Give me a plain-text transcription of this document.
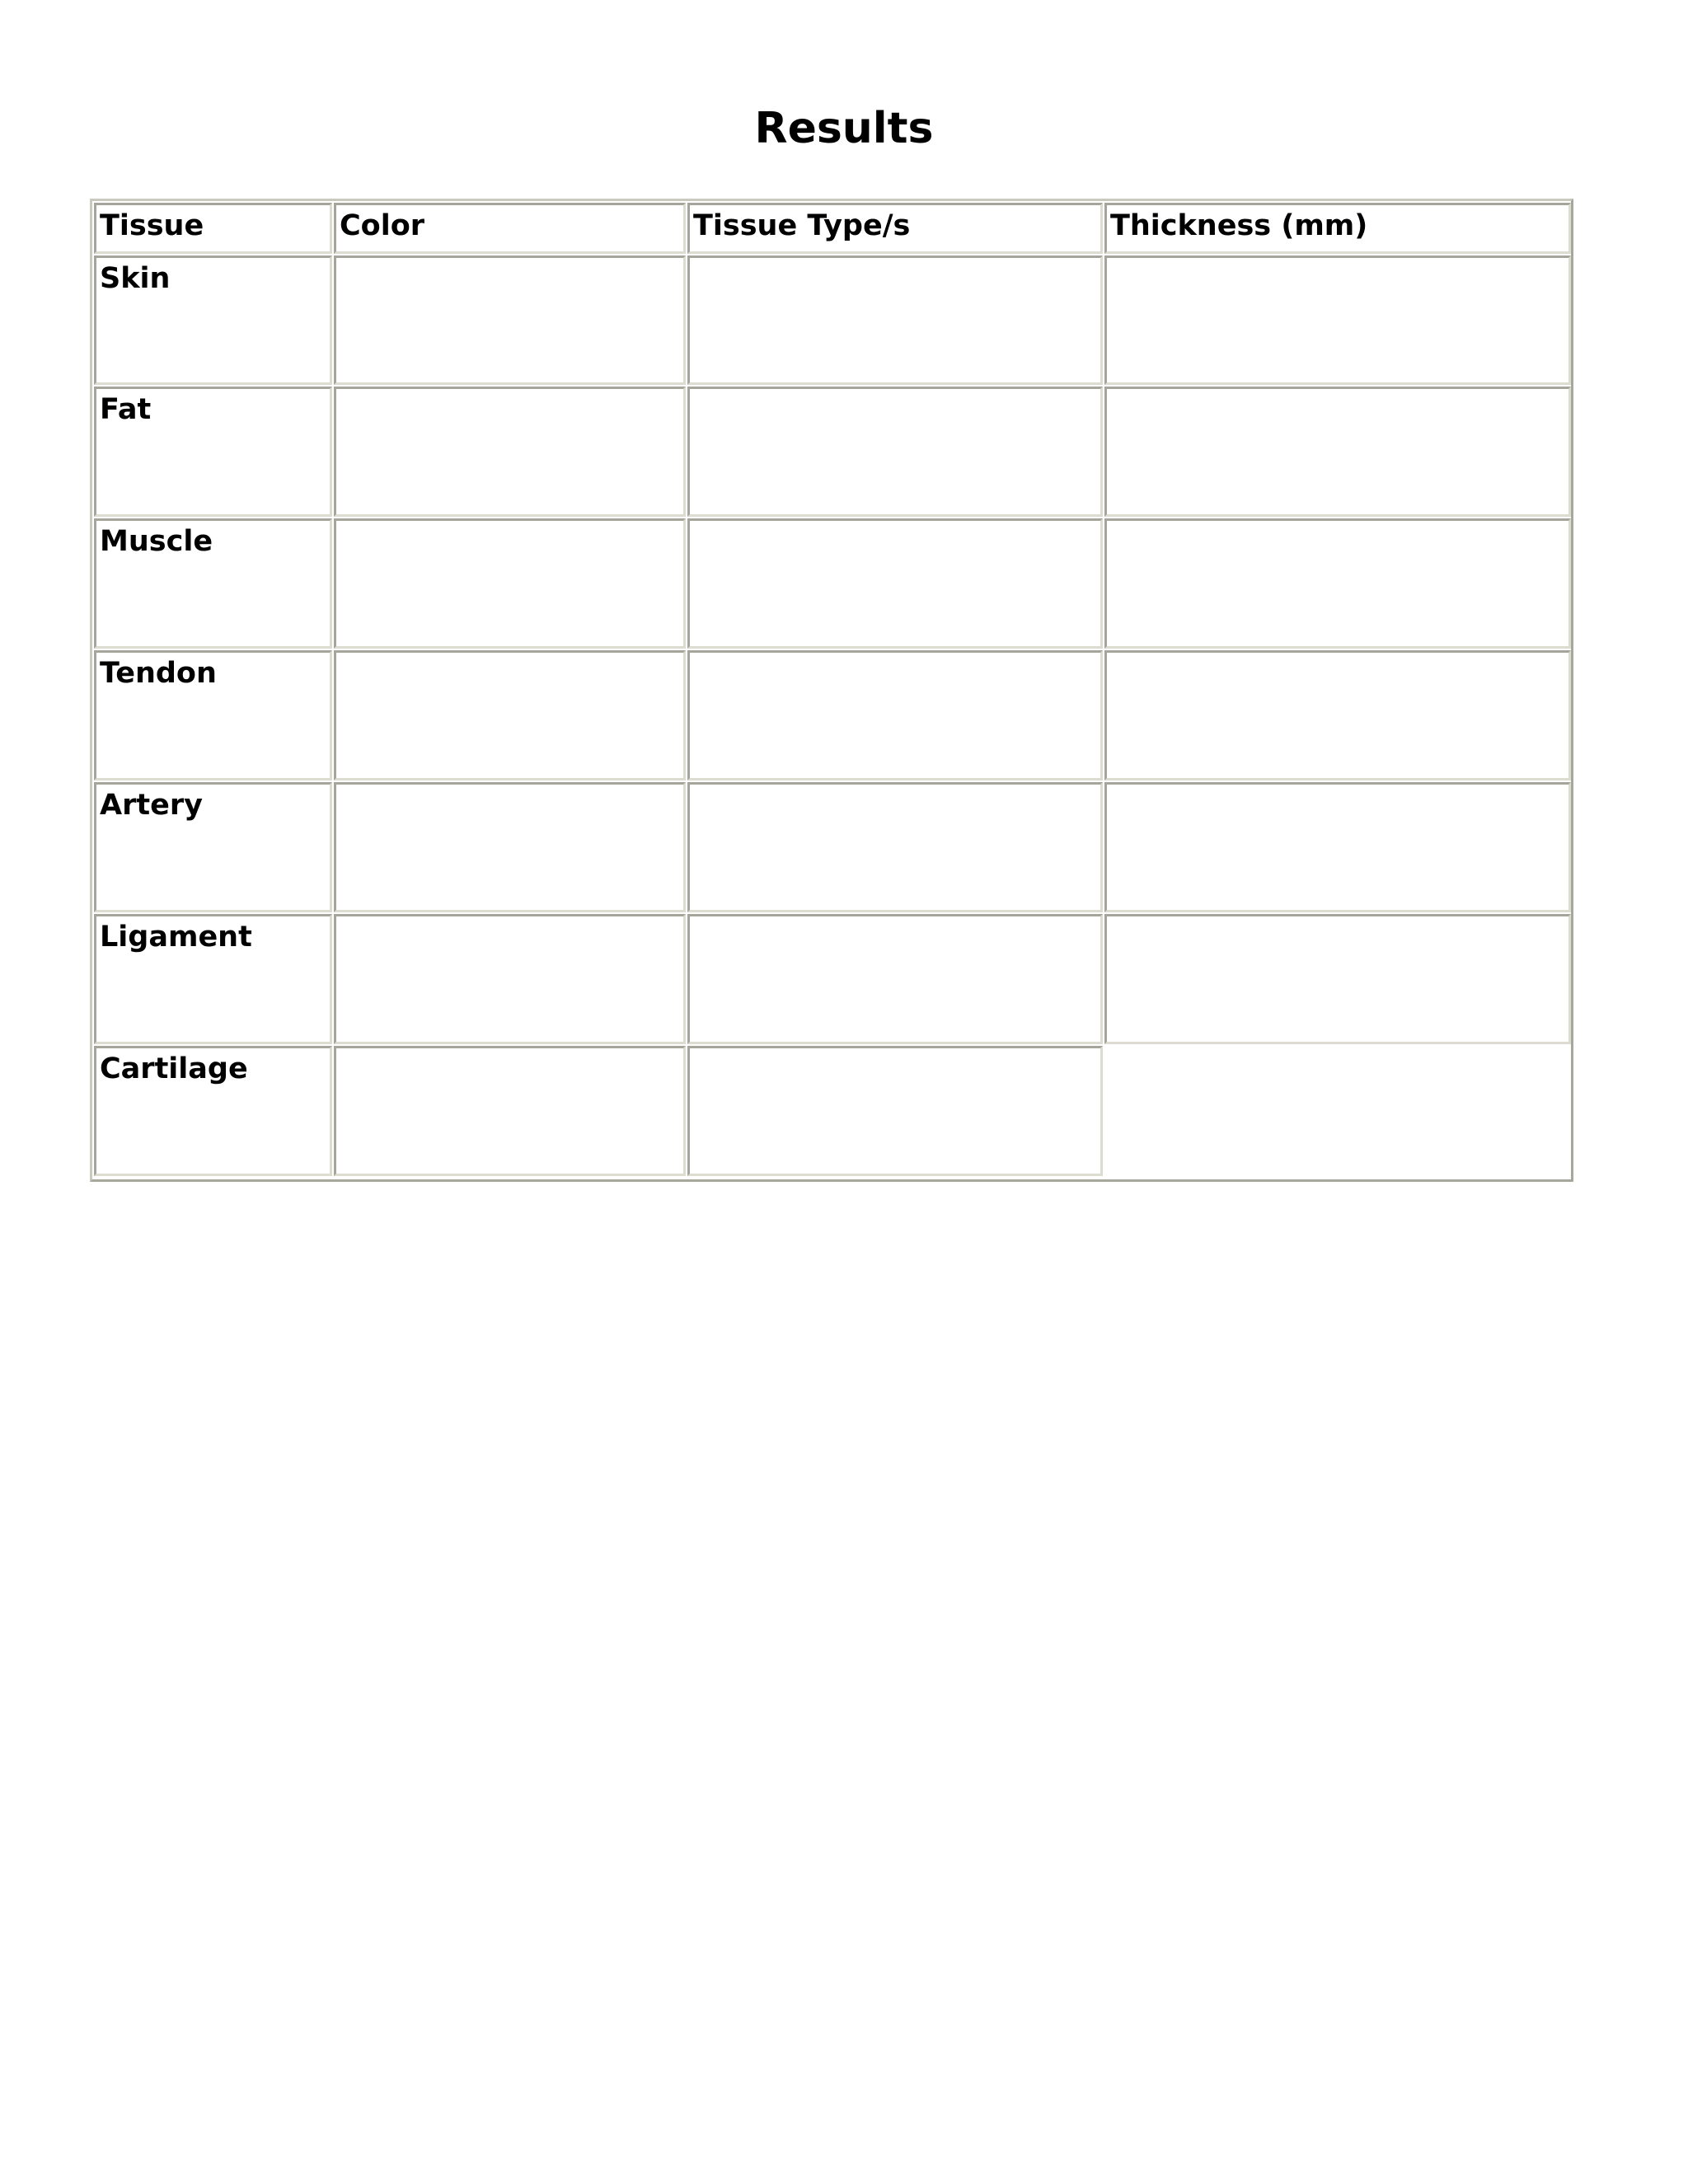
Results
Tissue	Color	Tissue Type/s	Thickness (mm)
Skin
Fat
Muscle
Tendon
Artery
Ligament
Cartilage
